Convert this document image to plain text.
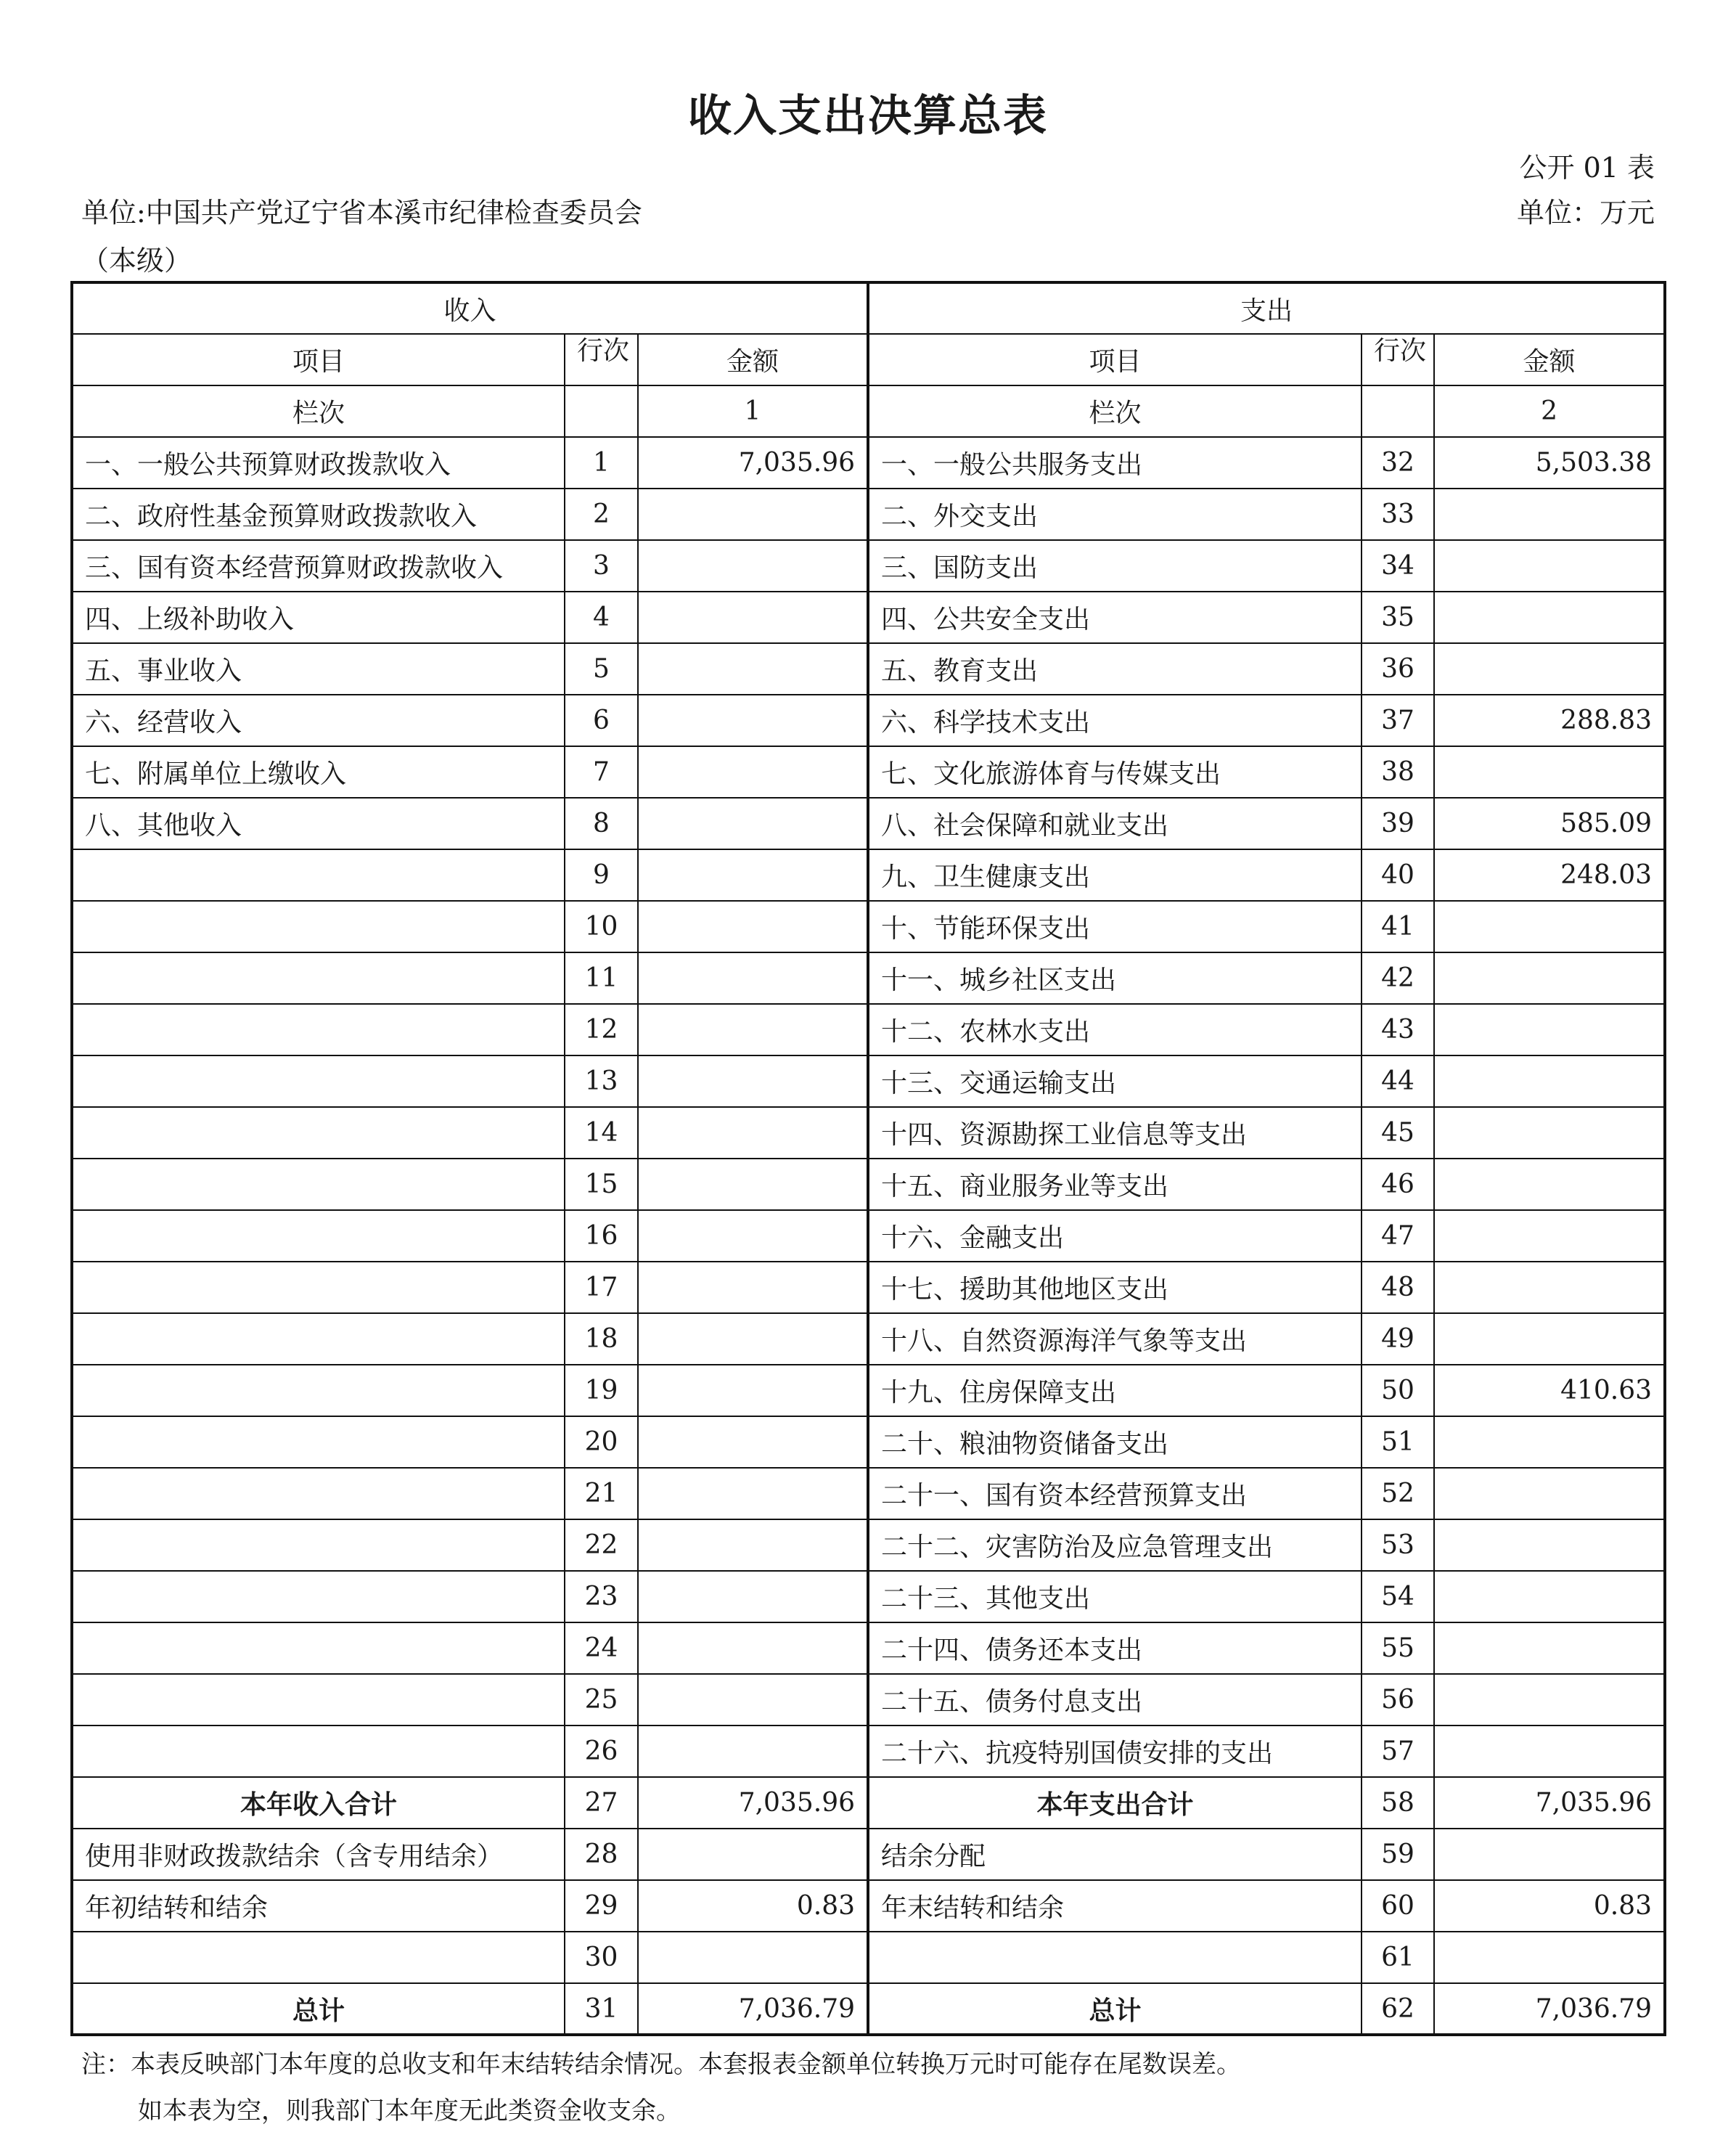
收入支出决算总表
公开 01 表
单位:中国共产党辽宁省本溪市纪律检查委员会	单位：万元
（本级）
收入			支出		
项目	行次	金额	项目	行次	金额
栏次		1	栏次		2
一、一般公共预算财政拨款收入	1	7,035.96	一、一般公共服务支出	32	5,503.38
二、政府性基金预算财政拨款收入	2		二、外交支出	33	
三、国有资本经营预算财政拨款收入	3		三、国防支出	34	
四、上级补助收入	4		四、公共安全支出	35	
五、事业收入	5		五、教育支出	36	
六、经营收入	6		六、科学技术支出	37	288.83
七、附属单位上缴收入	7		七、文化旅游体育与传媒支出	38	
八、其他收入	8		八、社会保障和就业支出	39	585.09
	9		九、卫生健康支出	40	248.03
	10		十、节能环保支出	41	
	11		十一、城乡社区支出	42	
	12		十二、农林水支出	43	
	13		十三、交通运输支出	44	
	14		十四、资源勘探工业信息等支出	45	
	15		十五、商业服务业等支出	46	
	16		十六、金融支出	47	
	17		十七、援助其他地区支出	48	
	18		十八、自然资源海洋气象等支出	49	
	19		十九、住房保障支出	50	410.63
	20		二十、粮油物资储备支出	51	
	21		二十一、国有资本经营预算支出	52	
	22		二十二、灾害防治及应急管理支出	53	
	23		二十三、其他支出	54	
	24		二十四、债务还本支出	55	
	25		二十五、债务付息支出	56	
	26		二十六、抗疫特别国债安排的支出	57	
本年收入合计	27	7,035.96	本年支出合计	58	7,035.96
使用非财政拨款结余（含专用结余）	28		结余分配	59	
年初结转和结余	29	0.83	年末结转和结余	60	0.83
	30			61	
总计	31	7,036.79	总计	62	7,036.79
注：本表反映部门本年度的总收支和年末结转结余情况。本套报表金额单位转换万元时可能存在尾数误差。
如本表为空，则我部门本年度无此类资金收支余。
